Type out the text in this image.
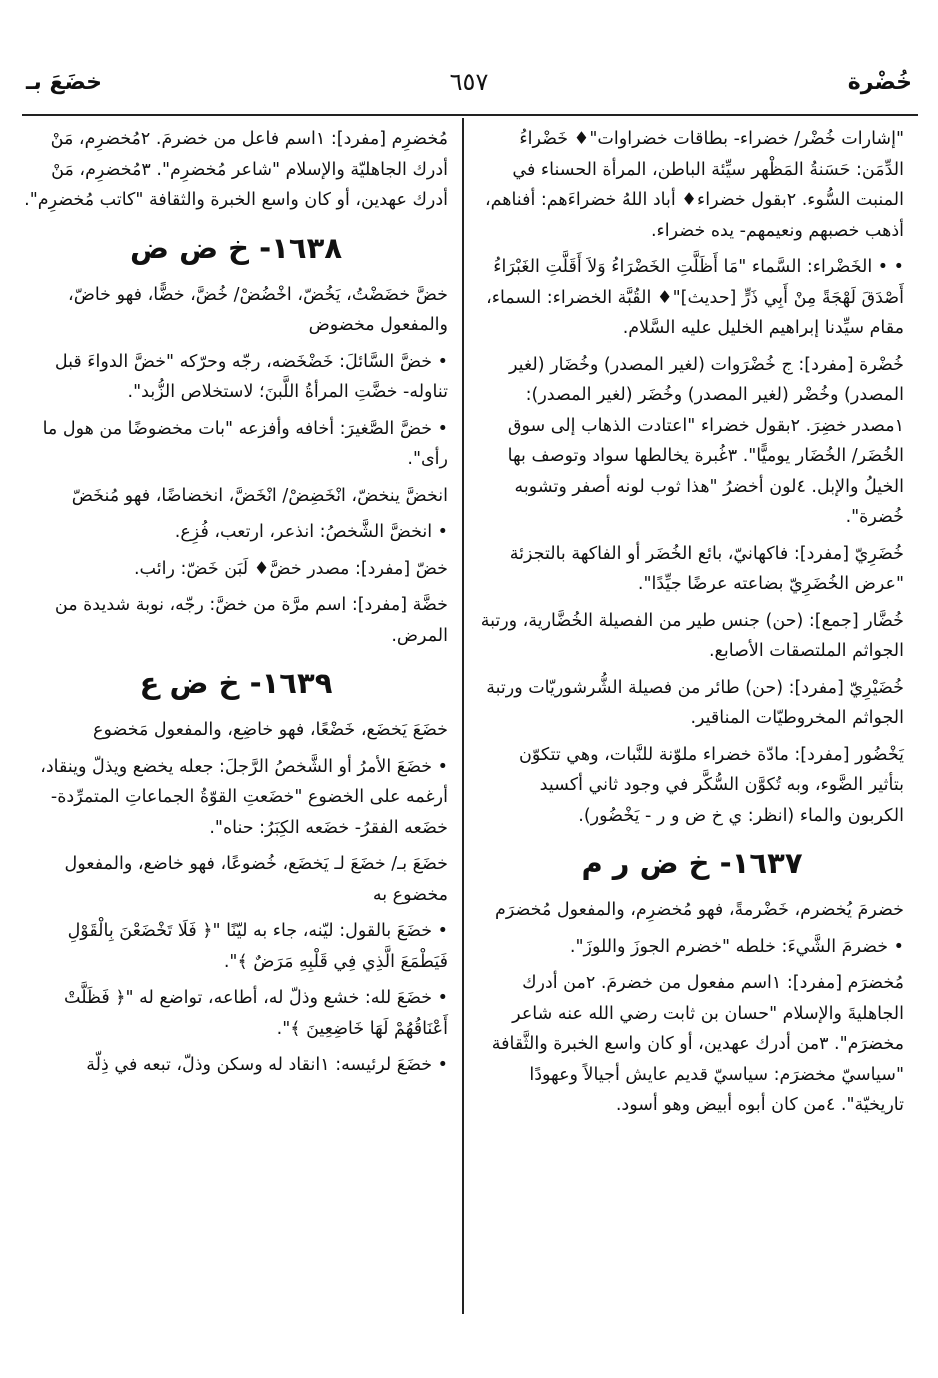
خُضْرة
٦٥٧
خضَعَ بـ

"إشارات خُضْر/ خضراء- بطاقات خضراوات"♦ خَضْراءُ الدِّمَن: حَسَنةُ المَظْهر سيِّئة الباطن، المرأة الحسناء في المنبت السُّوء. ٢بقول خضراء♦ أباد اللهُ خضراءَهم: أفناهم، أذهب خصبهم ونعيمهم- يده خضراء.

• • الخَضْراء: السَّماء "مَا أَظَلَّتِ الخَضْرَاءُ وَلاَ أَقَلَّتِ الغَبْرَاءُ أَصْدَقَ لَهْجَةً مِنْ أَبِي ذَرٍّ [حديث]"♦ القُبَّة الخضراء: السماء، مقام سيِّدنا إبراهيم الخليل عليه السَّلام.

خُضْرة [مفرد]: ج خُضْرَوات (لغير المصدر) وخُضَار (لغير المصدر) وخُضْر (لغير المصدر) وخُضَر (لغير المصدر): ١مصدر خضِرَ. ٢بقول خضراء "اعتادت الذهاب إلى سوق الخُضَر/ الخُضَار يوميًّا". ٣غُبرة يخالطها سواد وتوصف بها الخيلُ والإبل. ٤لون أخضرُ "هذا ثوب لونه أصفر وتشوبه خُضرة".

خُضَرِيّ [مفرد]: فاكهانيّ، بائع الخُضَر أو الفاكهة بالتجزئة "عرض الخُضَرِيّ بضاعته عرضًا جيِّدًا".

خُضَّار [جمع]: (حن) جنس طير من الفصيلة الخُضَّارية، ورتبة الجواثم الملتصقات الأصابع.

خُضَيْرِيّ [مفرد]: (حن) طائر من فصيلة الشُّرشوريّات ورتبة الجواثم المخروطيّات المناقير.

يَخْضُور [مفرد]: مادّة خضراء ملوّنة للنَّبات، وهي تتكوّن بتأثير الضَّوء، وبه تُكوَّن السُّكَّر في وجود ثاني أكسيد الكربون والماء (انظر: ي خ ض و ر - يَخْضُور).

١٦٣٧- خ ض ر م

خضرمَ يُخضرم، خَضْرمةً، فهو مُخضرِم، والمفعول مُخضرَم

• خضرمَ الشَّيءَ: خلطه "خضرم الجوزَ واللوزَ".

مُخضرَم [مفرد]: ١اسم مفعول من خضرمَ. ٢من أدرك الجاهليةَ والإسلام "حسان بن ثابت رضي الله عنه شاعر مخضرَم". ٣من أدرك عهدين، أو كان واسع الخبرة والثَّقافة "سياسيّ مخضرَم: سياسيّ قديم عايش أجيالاً وعهودًا تاريخيّة". ٤من كان أبوه أبيض وهو أسود.

مُخضرِم [مفرد]: ١اسم فاعل من خضرمَ. ٢مُخضرِم، مَنْ أدرك الجاهليّة والإسلام "شاعر مُخضرِم". ٣مُخضرِم، مَنْ أدرك عهدين، أو كان واسع الخبرة والثقافة "كاتب مُخضرِم".

١٦٣٨- خ ض ض

خضَّ خضَضْتُ، يَخُضّ، اخْضُضْ/ خُضَّ، خضًّا، فهو خاضّ، والمفعول مخضوض

• خضَّ السَّائلَ: خَضْخَضه، رجّه وحرّكه "خضَّ الدواءَ قبل تناوله- خضَّتِ المرأةُ اللَّبنَ؛ لاستخلاص الزُّبد".

• خضَّ الصَّغيرَ: أخافه وأفزعه "بات مخضوضًا من هول ما رأى".

انخضَّ ينخضّ، انْخَضِضْ/ انْخَضَّ، انخضاضًا، فهو مُنخَضّ

• انخضَّ الشَّخصُ: انذعر، ارتعب، فُزِع.

خضّ [مفرد]: مصدر خضَّ♦ لَبَن خَضّ: رائب.

خضَّة [مفرد]: اسم مرَّة من خضَّ: رجّه، نوبة شديدة من المرض.

١٦٣٩- خ ض ع

خضَعَ يَخضَع، خَضْعًا، فهو خاضِع، والمفعول مَخضوع

• خضَعَ الأمرُ أو الشَّخصُ الرَّجلَ: جعله يخضع ويذلّ وينقاد، أرغمه على الخضوع "خضَعتِ القوّةُ الجماعاتِ المتمرِّدة- خضَعه الفقرُ- خضَعه الكِبَرُ: حناه".

خضَعَ بـ/ خضَعَ لـ يَخضَع، خُضوعًا، فهو خاضع، والمفعول مخضوع به

• خضَعَ بالقول: ليّنه، جاء به ليّنًا "﴿ فَلَا تَخْضَعْنَ بِالْقَوْلِ فَيَطْمَعَ الَّذِي فِي قَلْبِهِ مَرَضٌ ﴾".

• خضَعَ لله: خشع وذلّ له، أطاعه، تواضع له "﴿ فَظَلَّتْ أَعْنَاقُهُمْ لَهَا خَاضِعِينَ ﴾".

• خضَعَ لرئيسه: ١انقاد له وسكن وذلّ، تبعه في ذِلّة
